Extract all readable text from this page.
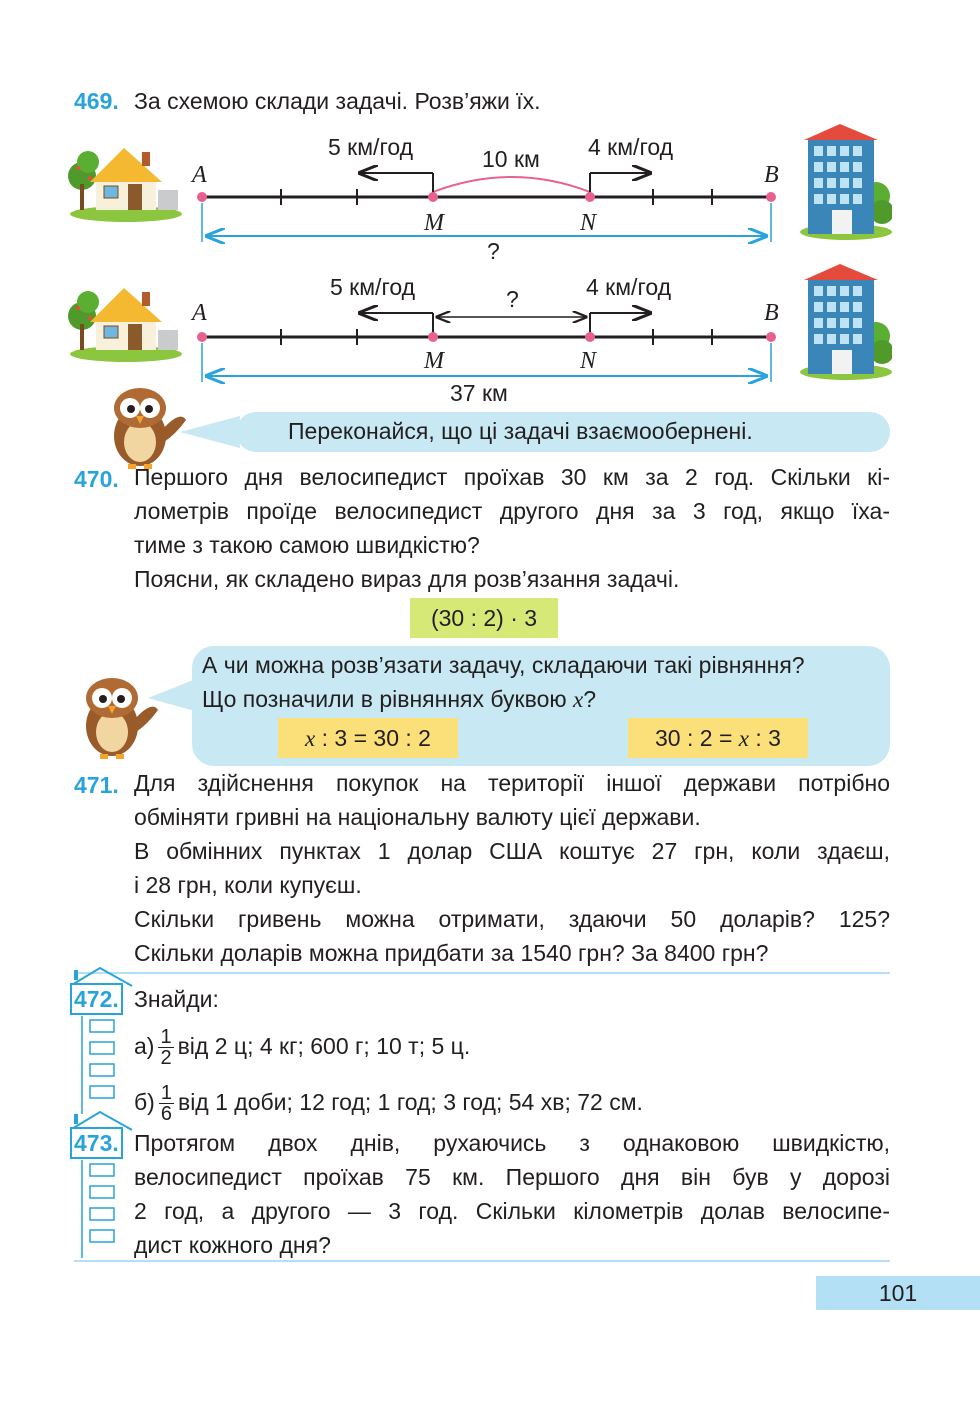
469. За схемою склади задачі. Розв’яжи їх.
5 км/год	4 км/год
10 км
A	B
M	N
?
5 км/год	4 км/год
?
A	B
M	N
37 км
Переконайся, що ці задачі взаємообернені.
470. Першого дня велосипедист проїхав 30 км за 2 год. Скільки кі-
лометрів проїде велосипедист другого дня за 3 год, якщо їха-
тиме з такою самою швидкістю?
Поясни, як складено вираз для розв’язання задачі.
(30 : 2) · 3
А чи можна розв’язати задачу, складаючи такі рівняння?
Що позначили в рівняннях буквою x?
x : 3 = 30 : 2	30 : 2 = x : 3
471. Для здійснення покупок на території іншої держави потрібно
обміняти гривні на національну валюту цієї держави.
В обмінних пунктах 1 долар США коштує 27 грн, коли здаєш,
і 28 грн, коли купуєш.
Скільки гривень можна отримати, здаючи 50 доларів? 125?
Скільки доларів можна придбати за 1540 грн? За 8400 грн?
472. Знайди:
$а) \frac{1}{2}$ від 2 ц; 4 кг; 600 г; 10 т; 5 ц.
$б) \frac{1}{6}$ від 1 доби; 12 год; 1 год; 3 год; 54 хв; 72 см.
473. Протягом двох днів, рухаючись з однаковою швидкістю,
велосипедист проїхав 75 км. Першого дня він був у дорозі
2 год, а другого — 3 год. Скільки кілометрів долав велосипе-
дист кожного дня?
101
